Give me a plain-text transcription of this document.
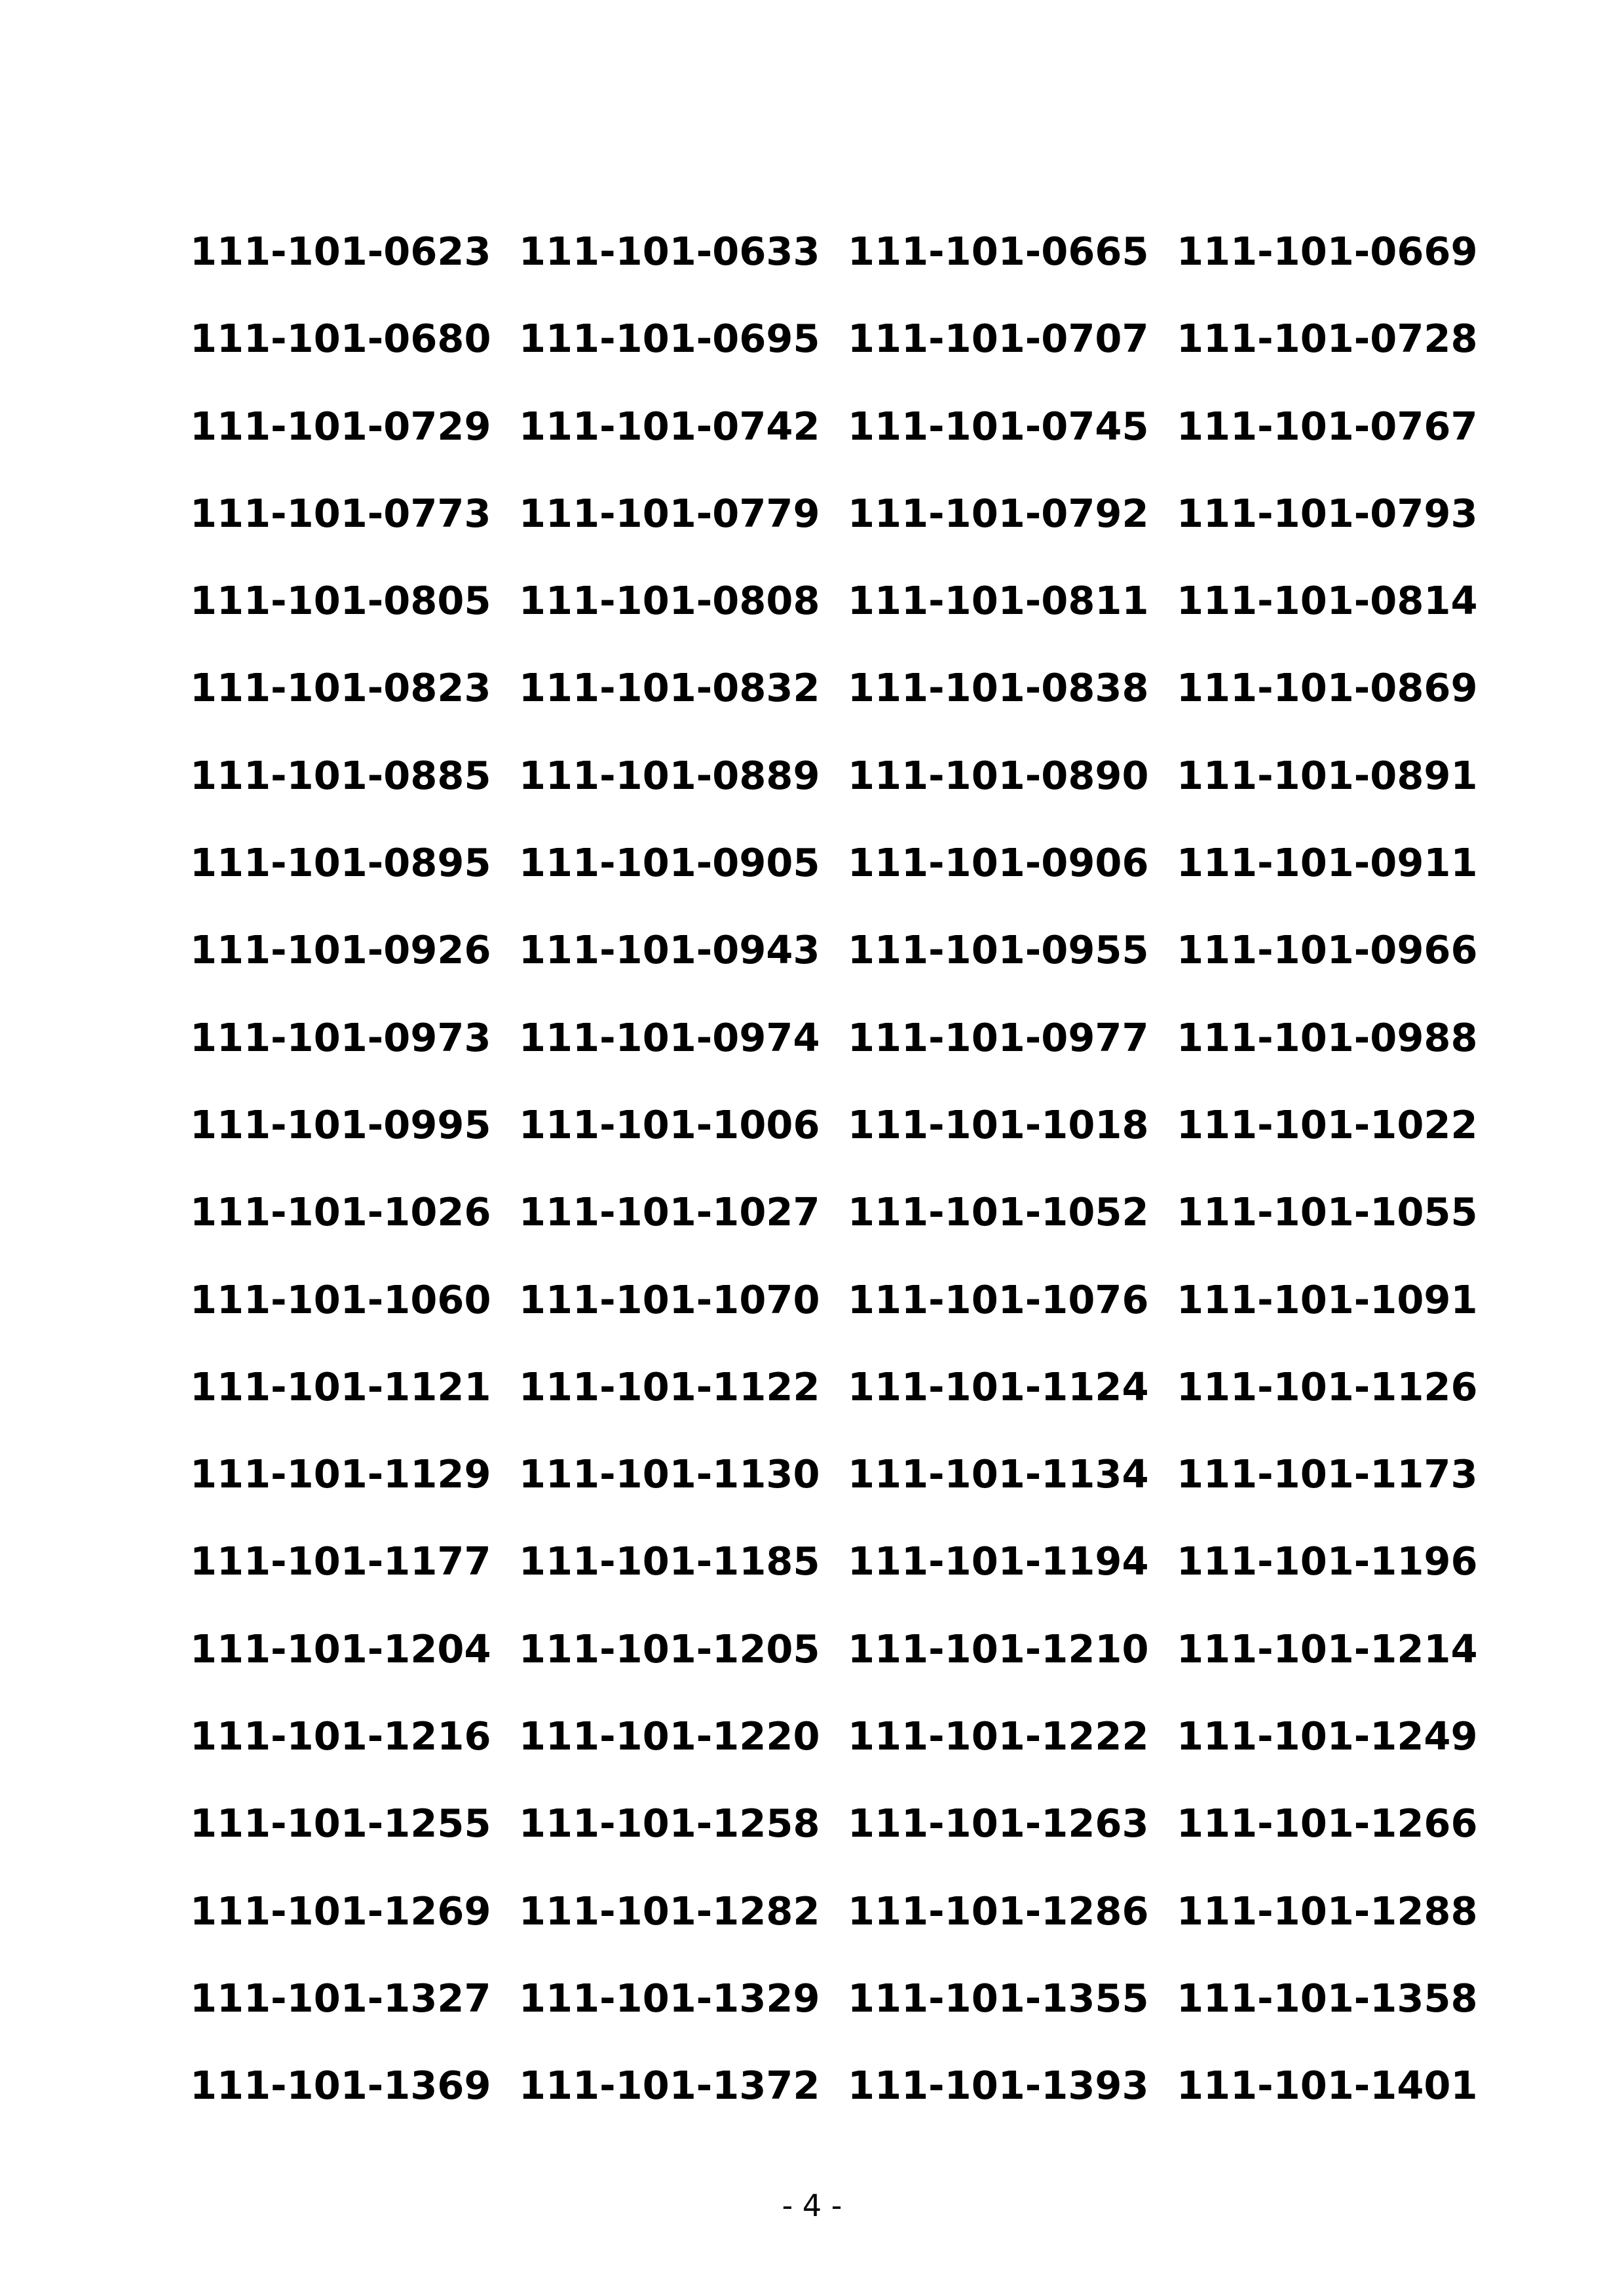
111-101-0623 111-101-0633 111-101-0665 111-101-0669
111-101-0680 111-101-0695 111-101-0707 111-101-0728
111-101-0729 111-101-0742 111-101-0745 111-101-0767
111-101-0773 111-101-0779 111-101-0792 111-101-0793
111-101-0805 111-101-0808 111-101-0811 111-101-0814
111-101-0823 111-101-0832 111-101-0838 111-101-0869
111-101-0885 111-101-0889 111-101-0890 111-101-0891
111-101-0895 111-101-0905 111-101-0906 111-101-0911
111-101-0926 111-101-0943 111-101-0955 111-101-0966
111-101-0973 111-101-0974 111-101-0977 111-101-0988
111-101-0995 111-101-1006 111-101-1018 111-101-1022
111-101-1026 111-101-1027 111-101-1052 111-101-1055
111-101-1060 111-101-1070 111-101-1076 111-101-1091
111-101-1121 111-101-1122 111-101-1124 111-101-1126
111-101-1129 111-101-1130 111-101-1134 111-101-1173
111-101-1177 111-101-1185 111-101-1194 111-101-1196
111-101-1204 111-101-1205 111-101-1210 111-101-1214
111-101-1216 111-101-1220 111-101-1222 111-101-1249
111-101-1255 111-101-1258 111-101-1263 111-101-1266
111-101-1269 111-101-1282 111-101-1286 111-101-1288
111-101-1327 111-101-1329 111-101-1355 111-101-1358
111-101-1369 111-101-1372 111-101-1393 111-101-1401
- 4 -
